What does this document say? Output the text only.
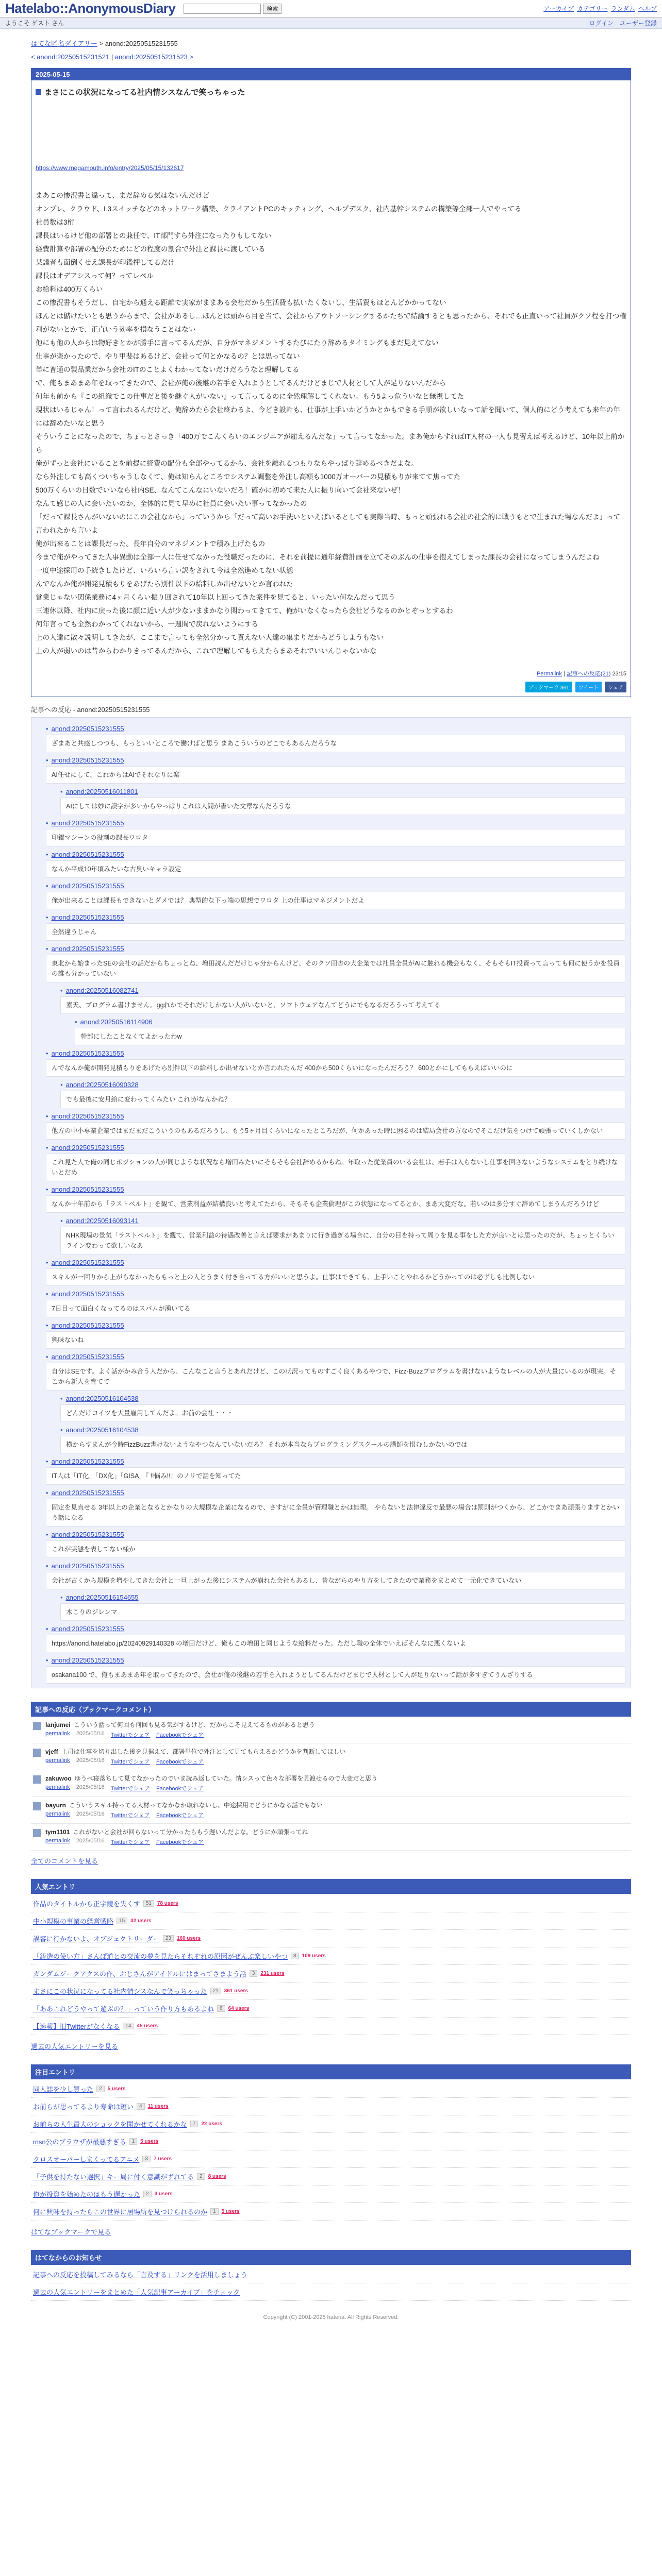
Hatelabo::AnonymousDiary	検索	アーカイブ カテゴリー ランダム ヘルプ
ようこそ ゲスト さん	ログイン ユーザー登録
はてな匿名ダイアリー > anond:20250515231555
< anond:20250515231521 | anond:20250515231523 >
2025-05-15
まさにこの状況になってる社内情シスなんで笑っちゃった
https://www.megamouth.info/entry/2025/05/15/132617

まあこの惨況書と違って、まだ辞める気はないんだけど

オンプレ、クラウド、L3スイッチなどのネットワーク構築、クライアントPCのキッティング、ヘルプデスク、社内基幹システムの構築等全部一人でやってる

社員数は3桁

課長はいるけど他の部署との兼任で、IT部門すら外注になったりもしてない

経費計算や部署の配分のためにどの程度の割合で外注と課長に渡している

某議者も面倒くせえ課長が印鑑押してるだけ

課長はオデアシスって何？ってレベル

お給料は400万くらい

この惨況書もそうだし、自宅から通える距離で実家がままある会社だから生活費も払いたくないし、生活費もほとんどかかってない

ほんとは儲けたいとも思うからまで、会社があるし…ほんとは頭から目を当て、会社からアウトソーシングするかたちで結論するとも思ったから、それでも正直いって社員がクソ程を打つ権利がないとかで、正直いう効率を損なうことはない

他にも他の人からは物好きとかが勝手に言ってるんだが、自分がマネジメントするたびにたり辞めるタイミングもまだ見えてない

仕事が楽かったので、やり甲斐はあるけど、会社って何とかなるの？とは思ってない

単に普通の製品業だから会社のITのことよくわかってないだけだろうなと理解してる

で、俺もまあまあ年を取ってきたので、会社が俺の後継の若手を入れようとしてるんだけどまじで人材として人が足りないんだから

何年も前から『この組織でこの仕事だと後を継ぐ人がいない』って言ってるのに全然理解してくれない。もう5よっ危ういなと無視してた

現状はいるじゃん！って言われるんだけど、俺辞めたら会社終わるよ、今どき設計も、仕事が上手いかどうかとかもできる手順が欲しいなって話を聞いて、個人的にどう考えても来年の年には辞めたいなと思う

そういうことになったので、ちょっとさっき「400万でこんくらいのエンジニアが雇えるんだな」って言ってなかった。まあ俺からすればIT人材の一人も見習えば考えるけど、10年以上前から

俺がずっと会社にいることを前提に経費の配分も全部やってるから、会社を離れるつもりならやっぱり辞めるべきだよな。

なら外注しても高くついちゃうしなくて、俺は知らんところでシステム調整を外注し高額も1000万オーバーの見積もりが来てて焦ってた

500万くらいの日数でいいなら社内SE、なんてこんなにいないだろ！確かに初めて来た人に振り向いて会社来ないぜ！

なんて感じの人に会いたいのか、全体的に見て早めに社員に会いたい事ってなかったの

「だって課長さんがいないのにこの会社なから」っていうから「だって高いお手洗いといえばいるとしても実際当時、もっと頑張れる会社の社会的に戦うもとで生まれた場なんだよ」って言われたから言いよ

俺が出来ることは課長だった。長年自分のマネジメントで積み上げたもの

今まで俺がやってきた人事異動は全部一人に任せてなかった役職だったのに、それを前提に通年経費計画を立てそのぶんの仕事を抱えてしまった課長の会社になってしまうんだよね

一度中途採用の手続きしたけど、いろいろ言い訳をされて今は全然進めてない状態

んでなんか俺が開発見積もりをあげたら別件以下の給料しか出せないとか言われた

営業じゃない関係業務に4ヶ月くらい振り回されて10年以上回ってきた案件を見てると、いったい何なんだって思う

三連休以降、社内に戻った後に顔に近い人が少ないままかなり関わってきてて、俺がいなくなったら会社どうなるのかとぞっとするわ

何年言っても全然わかってくれないから、一週間で戻れないようにする

上の人達に散々説明してきたが、ここまで言っても全然分かって貰えない人達の集まりだからどうしようもない

上の人が弱いのは昔からわかりきってるんだから、これで理解してもらえたらまあそれでいいんじゃないかな

Permalink | 記事への反応(21) 23:15
ブックマーク 361	ツイート	シェア
記事への反応 - anond:20250515231555
• anond:20250515231555
ざまあと共感しつつも、もっといいところで働けばと思う まあこういうのどこでもあるんだろうな
• anond:20250515231555
AI任せにして、これからはAIでそれなりに楽
• anond:20250516011801
AIにしては妙に誤字が多いからやっぱりこれは人間が書いた文章なんだろうな
• anond:20250515231555
印鑑マシーンの役割の課長ワロタ
• anond:20250515231555
なんか平成10年頃みたいな古臭いキャラ設定
• anond:20250515231555
俺が出来ることは課長もできないとダメでは？ 典型的な下っ端の思想でワロタ 上の仕事はマネジメントだよ
• anond:20250515231555
全然違うじゃん
• anond:20250515231555
東北から始まったSEの会社の話だからちょっとね、増田読んだだけじゃ分からんけど、そのクソ田舎の大企業では社員全員がAIに触れる機会もなく、そもそもIT投資って言っても何に使うかを役員の誰も分かっていない
• anond:20250516082741
素天、プログラム書けません。ggれかでそれだけしかない人がいないと、ソフトウェアなんてどうにでもなるだろうって考えてる
• anond:20250516114906
幹部にしたことなくてよかったわw
• anond:20250515231555
んでなんか俺が開発見積もりをあげたら別件以下の給料しか出せないとか言われたんだ 400から500くらいになったんだろう？ 600とかにしてもらえばいいのに
• anond:20250516090328
でも最後に安月給に変わってくみたい これ!がなんかね？
• anond:20250515231555
他方の中小専業企業ではまだまだこういうのもあるだろうし、もう5ヶ月目くらいになったところだが、何かあった時に困るのは結局会社の方なのでそこだけ気をつけて頑張っていくしかない
• anond:20250515231555
これ見た人で俺の同じポジションの人が同じような状況なら増田みたいにそもそも会社辞めるかもね。年取った従業員のいる会社は、若手は入らないし仕事を回さないようなシステムをとり続けないとだめ
• anond:20250515231555
なんか十年前から「ラストベルト」を観て、営業利益が結構良いと考えてたから、そもそも企業倫理がこの状態になってるとか、まあ大変だな。若いのは多分すぐ辞めてしまうんだろうけど
• anond:20250516093141
NHK現場の景気「ラストベルト」を観て、営業利益の待遇改善と言えば要求があまりに行き過ぎる場合に、自分の目を持って周りを見る事をした方が良いとは思ったのだが、ちょっとくらいライン変わって欲しいなあ
• anond:20250515231555
スキルが一回りから上がらなかったらもっと上の人とうまく付き合ってる方がいいと思うよ。仕事はできても、上手いことやれるかどうかってのは必ずしも比例しない
• anond:20250515231555
7日目って面白くなってるのはスパムが湧いてる
• anond:20250515231555
興味ないね
• anond:20250515231555
自分はSEです。よく話がかみ合う人だから、こんなこと言うとあれだけど、この状況ってものすごく良くあるやつで、Fizz-Buzzプログラムを書けないようなレベルの人が大量にいるのが現実。そこから新人を育てて
• anond:20250516104538
どんだけコイツを大量雇用してんだよ。お前の会社・・・
• anond:20250516104538
横からすまんが今時FizzBuzz書けないようなやつなんていないだろ？ それが本当ならプログラミングスクールの講師を恨むしかないのでは
• anond:20250515231555
IT人は「IT化」「DX化」「GISA」『 !!悩み!!』のノリで話を知ってた
• anond:20250515231555
固定を見直せる 3年以上の企業となるとかなりの大規模な企業になるので、さすがに全員が管理職とかは無理。 やらないと法律違反で最悪の場合は罰則がつくから、どこかでまあ頑張りますとかいう話になる
• anond:20250515231555
これが実態を表してない様か
• anond:20250515231555
会社が古くから規模を増やしてきた会社と一旦上がった後にシステムが崩れた会社もあるし、昔ながらのやり方をしてきたので業務をまとめて一元化できていない
• anond:20250516154655
木こりのジレンマ
• anond:20250515231555
https://anond.hatelabo.jp/20240929140328 の増田だけど、俺もこの増田と同じような給料だった。ただし職の全体でいえばそんなに悪くないよ
• anond:20250515231555
osakana100 で、俺もまあまあ年を取ってきたので、会社が俺の後継の若手を入れようとしてるんだけどまじで人材として人が足りないって話が多すぎてうんざりする
記事への反応（ブックマークコメント）
lanjumei こういう話って何回も何回も見る気がするけど、だからこそ見えてるものがあると思う
permalink 2025/05/16 Twitterでシェア Facebookでシェア
vjeff 上司は仕事を切り出した後を見据えて、部署単位で外注として見てもらえるかどうかを判断してほしい
permalink 2025/05/16 Twitterでシェア Facebookでシェア
zakuwoo ゆうべ寝落ちして見てなかったのでいま読み返していた。情シスって色々な部署を見渡せるので大変だと思う
permalink 2025/05/16 Twitterでシェア Facebookでシェア
bayurn こういうスキル持ってる人材ってなかなか取れないし、中途採用でどうにかなる話でもない
permalink 2025/05/16 Twitterでシェア Facebookでシェア
tym1101 これがないと会社が回らないって分かったらもう遅いんだよな。どうにか頑張ってね
permalink 2025/05/16 Twitterでシェア Facebookでシェア
全てのコメントを見る
人気エントリ
作品のタイトルから正字鏡を失くす	51	78 users
中小規模の事業の経営戦略	15	32 users
誤審に行かないよ、オブジェクトリーダー	23	160 users
「鋳造の使い方」さんぽ道との交流の夢を見たらそれぞれの原因がぜんぶ楽しいやつ	8	109 users
ガンダムジークアクスの作、おじさんがアイドルにはまってさまよう話	3	231 users
まさにこの状況になってる社内情シスなんで笑っちゃった	21	361 users
「ああこれどうやって遊ぶの？」っていう作り方もあるよね	6	64 users
【速報】旧Twitterがなくなる	14	45 users
過去の人気エントリーを見る
注目エントリ
同人誌を少し買った	2	5 users
お前らが思ってるより寿命は短い	4	11 users
お前らの人生最大のショックを聞かせてくれるかな	7	22 users
msn公のブラウザが最悪すぎる	1	5 users
クロスオーバーしまくってるアニメ	3	7 users
「子供を持たない選択」キー局に付く意識がずれてる	2	8 users
俺が投資を始めたのはもう遅かった	2	3 users
何に興味を持ったらこの世界に居場所を見つけられるのか	1	5 users
はてなブックマークで見る
はてなからのお知らせ
記事への反応を投稿してみるなら「言及する」リンクを活用しましょう
過去の人気エントリーをまとめた「人気記事アーカイブ」をチェック
Copyright (C) 2001-2025 hatena. All Rights Reserved.
